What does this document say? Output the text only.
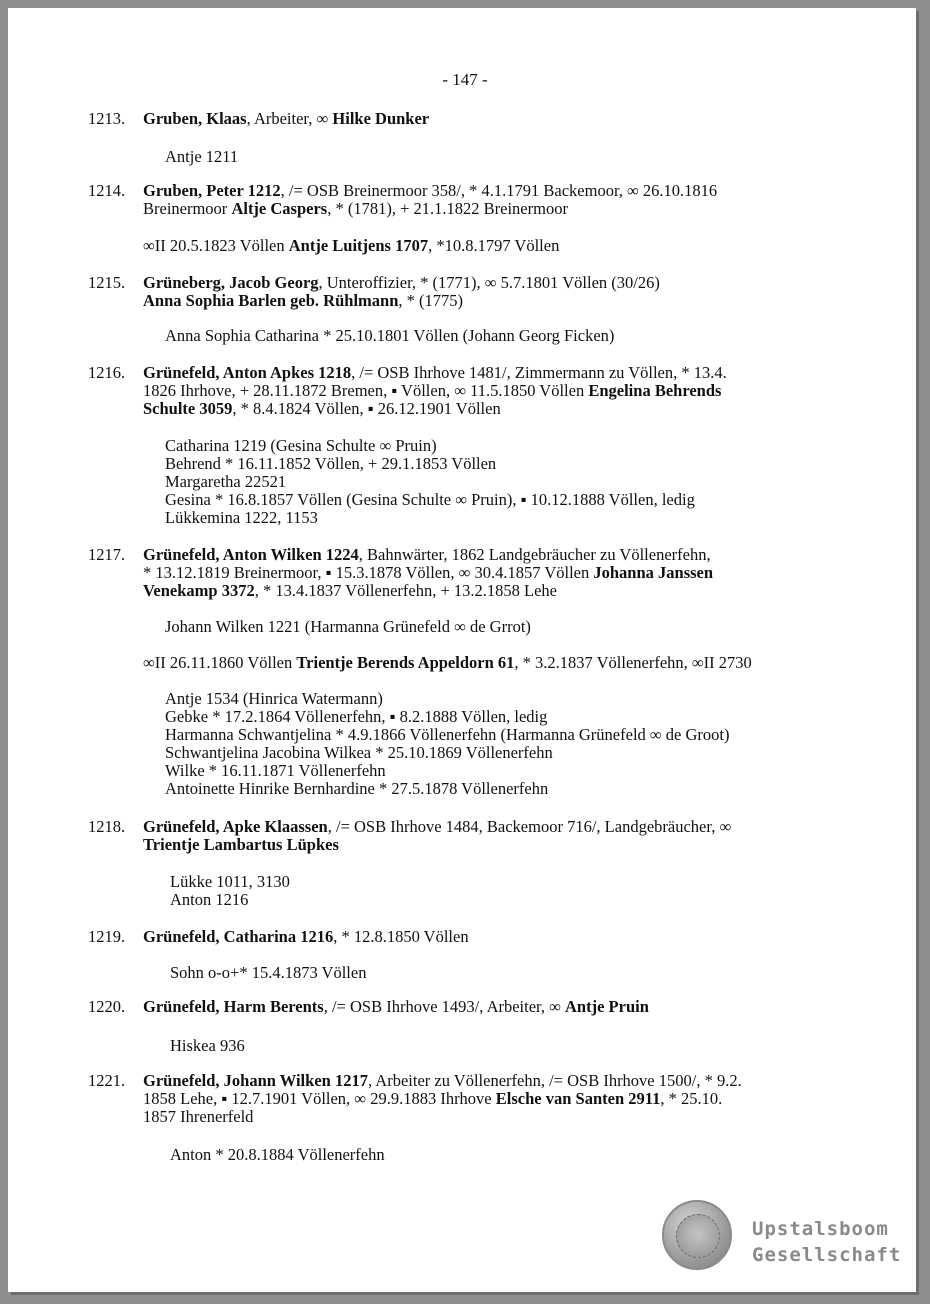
- 147 -
1213.	Gruben, Klaas, Arbeiter, ∞ Hilke Dunker
Antje 1211
1214.	Gruben, Peter 1212, /= OSB Breinermoor 358/, * 4.1.1791 Backemoor, ∞ 26.10.1816
Breinermoor Altje Caspers, * (1781), + 21.1.1822 Breinermoor
∞II 20.5.1823 Völlen Antje Luitjens 1707, *10.8.1797 Völlen
1215.	Grüneberg, Jacob Georg, Unteroffizier, * (1771), ∞ 5.7.1801 Völlen (30/26)
Anna Sophia Barlen geb. Rühlmann, * (1775)
Anna Sophia Catharina * 25.10.1801 Völlen (Johann Georg Ficken)
1216.	Grünefeld, Anton Apkes 1218, /= OSB Ihrhove 1481/, Zimmermann zu Völlen, * 13.4.
1826 Ihrhove, + 28.11.1872 Bremen, ▪ Völlen, ∞ 11.5.1850 Völlen Engelina Behrends
Schulte 3059, * 8.4.1824 Völlen, ▪ 26.12.1901 Völlen
Catharina 1219 (Gesina Schulte ∞ Pruin)
Behrend * 16.11.1852 Völlen, + 29.1.1853 Völlen
Margaretha 22521
Gesina * 16.8.1857 Völlen (Gesina Schulte ∞ Pruin), ▪ 10.12.1888 Völlen, ledig
Lükkemina 1222, 1153
1217.	Grünefeld, Anton Wilken 1224, Bahnwärter, 1862 Landgebräucher zu Völlenerfehn,
* 13.12.1819 Breinermoor, ▪ 15.3.1878 Völlen, ∞ 30.4.1857 Völlen Johanna Janssen
Venekamp 3372, * 13.4.1837 Völlenerfehn, + 13.2.1858 Lehe
Johann Wilken 1221 (Harmanna Grünefeld ∞ de Grrot)
∞II 26.11.1860 Völlen Trientje Berends Appeldorn 61, * 3.2.1837 Völlenerfehn, ∞II 2730
Antje 1534 (Hinrica Watermann)
Gebke * 17.2.1864 Völlenerfehn, ▪ 8.2.1888 Völlen, ledig
Harmanna Schwantjelina * 4.9.1866 Völlenerfehn (Harmanna Grünefeld ∞ de Groot)
Schwantjelina Jacobina Wilkea * 25.10.1869 Völlenerfehn
Wilke * 16.11.1871 Völlenerfehn
Antoinette Hinrike Bernhardine * 27.5.1878 Völlenerfehn
1218.	Grünefeld, Apke Klaassen, /= OSB Ihrhove 1484, Backemoor 716/, Landgebräucher, ∞
Trientje Lambartus Lüpkes
Lükke 1011, 3130
Anton 1216
1219.	Grünefeld, Catharina 1216, * 12.8.1850 Völlen
Sohn o-o+* 15.4.1873 Völlen
1220.	Grünefeld, Harm Berents, /= OSB Ihrhove 1493/, Arbeiter, ∞ Antje Pruin
Hiskea 936
1221.	Grünefeld, Johann Wilken 1217, Arbeiter zu Völlenerfehn, /= OSB Ihrhove 1500/, * 9.2.
1858 Lehe, ▪ 12.7.1901 Völlen, ∞ 29.9.1883 Ihrhove Elsche van Santen 2911, * 25.10.
1857 Ihrenerfeld
Anton * 20.8.1884 Völlenerfehn
Upstalsboom
Gesellschaft
